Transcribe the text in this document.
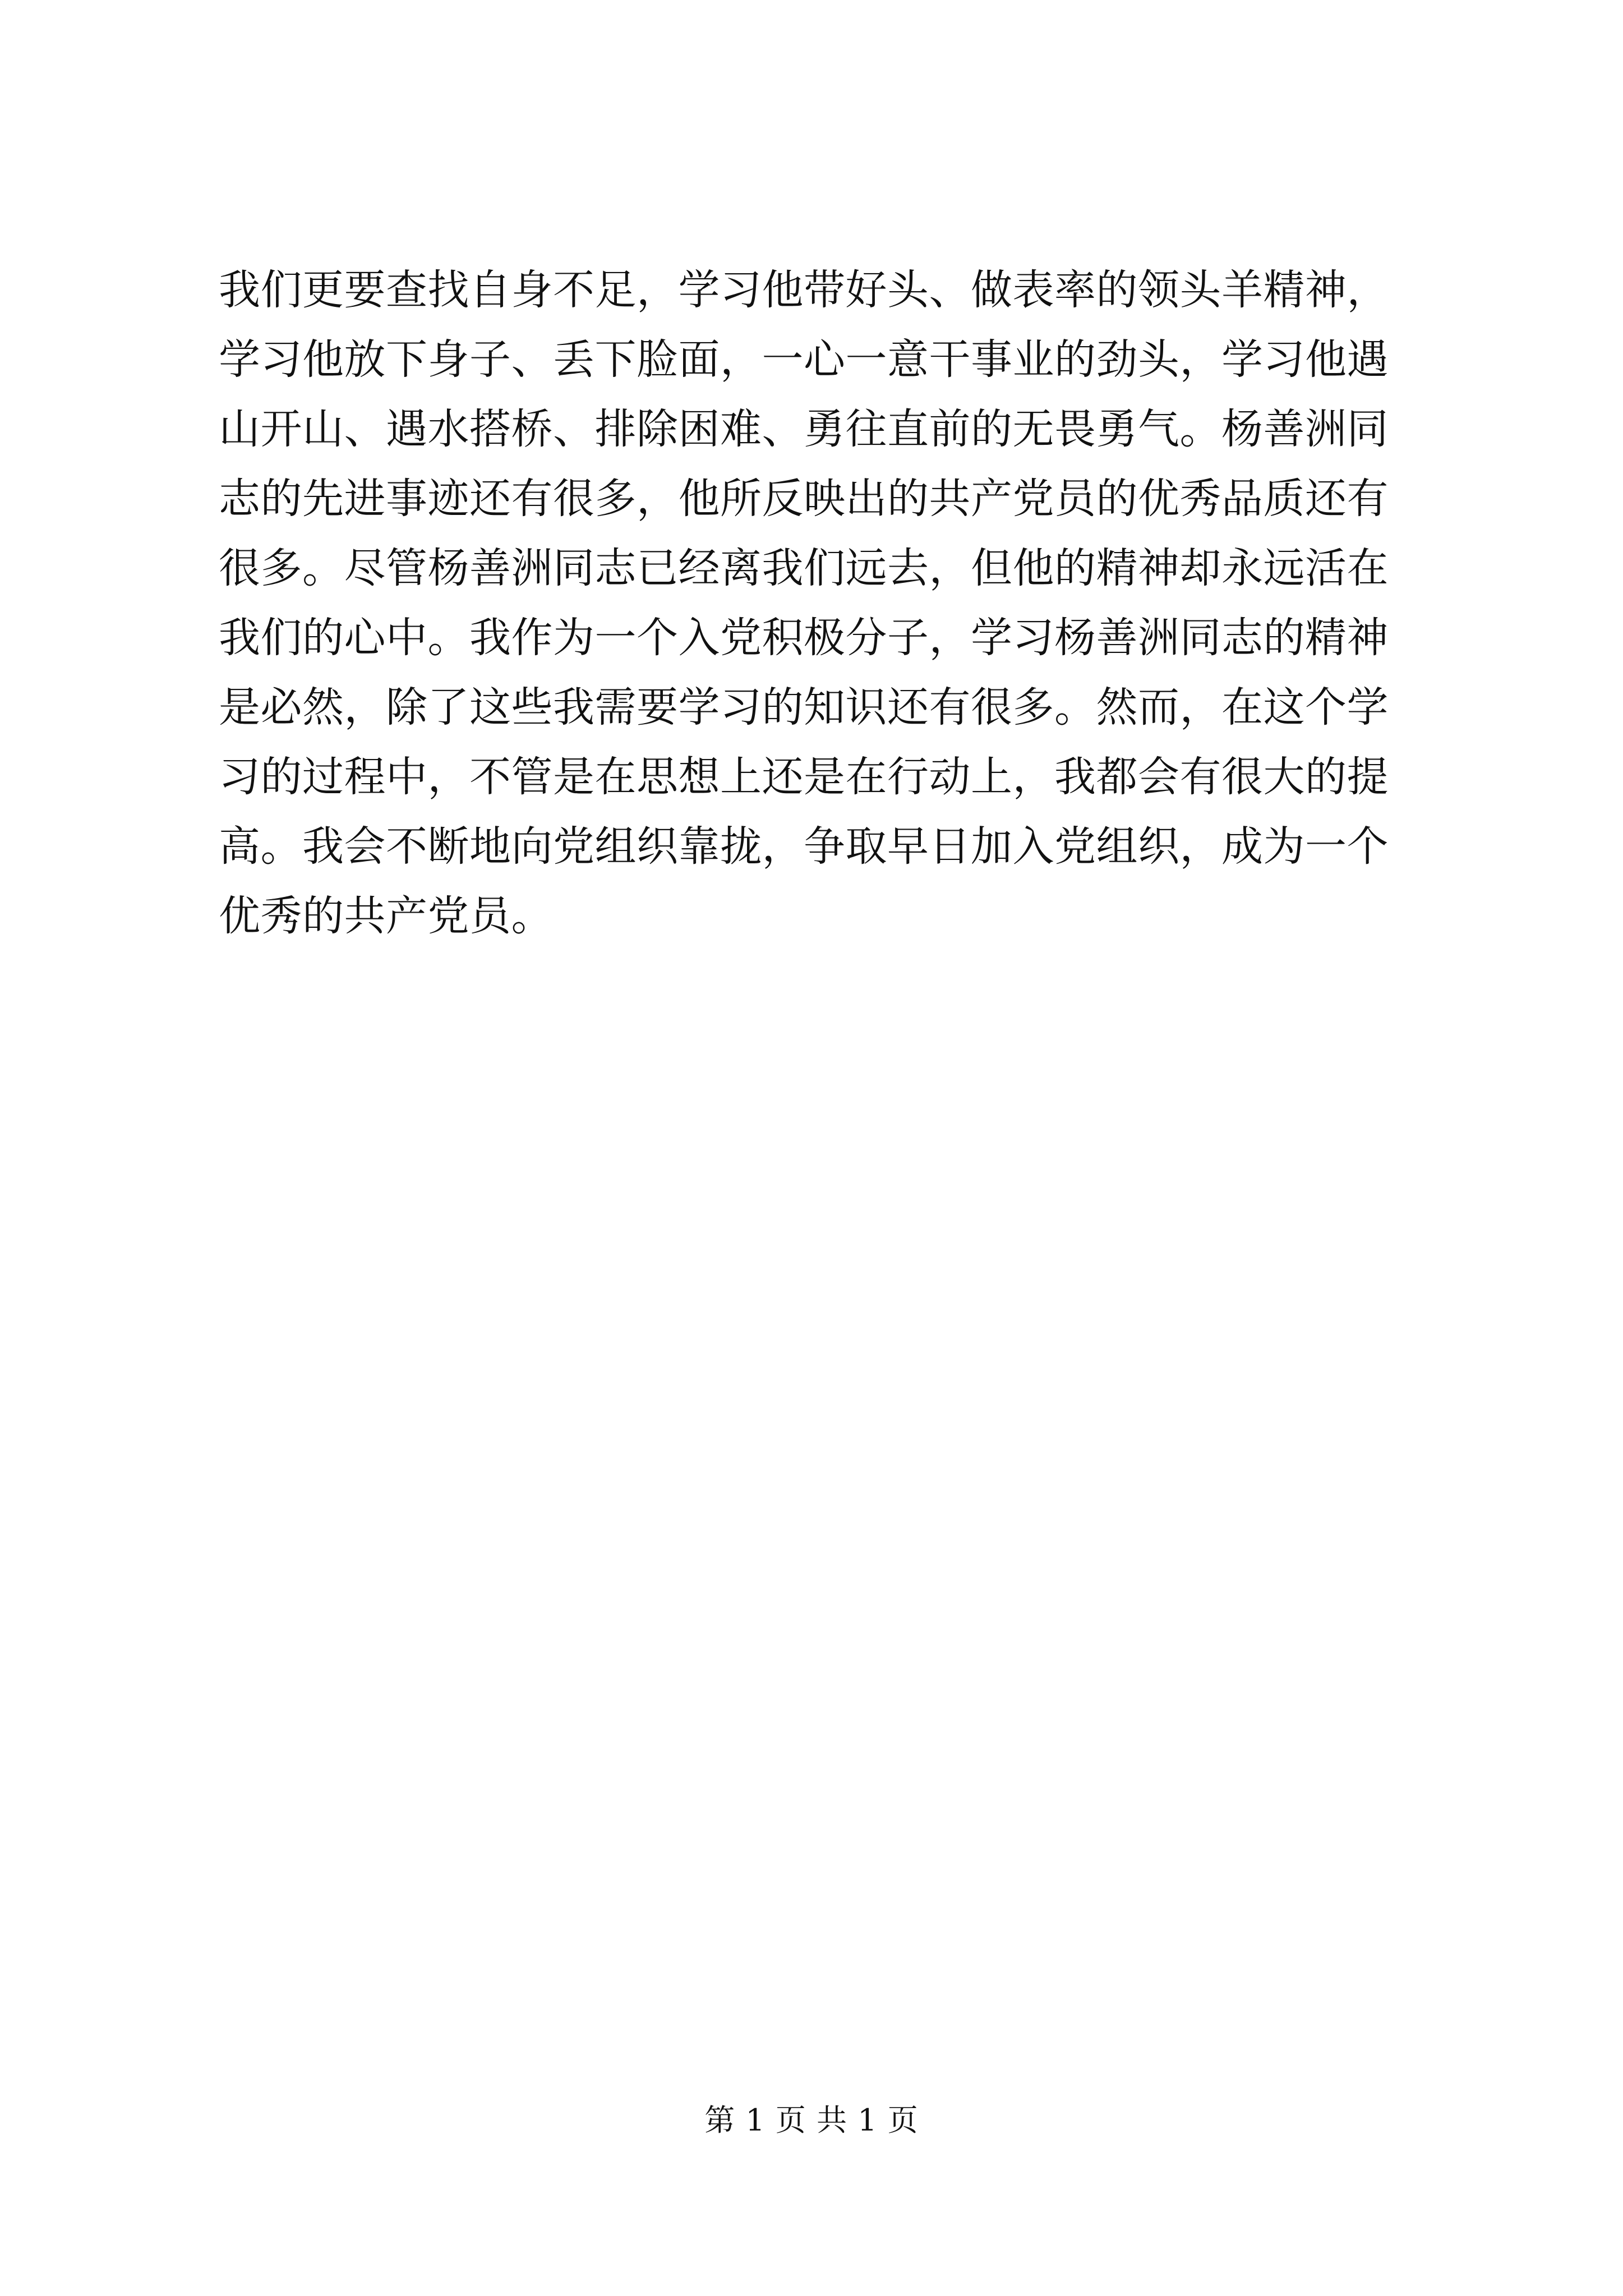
我们更要查找自身不足，学习他带好头、做表率的领头羊精神，
学习他放下身子、丢下脸面，一心一意干事业的劲头，学习他遇
山开山、遇水搭桥、排除困难、勇往直前的无畏勇气。杨善洲同
志的先进事迹还有很多，他所反映出的共产党员的优秀品质还有
很多。尽管杨善洲同志已经离我们远去，但他的精神却永远活在
我们的心中。我作为一个入党积极分子，学习杨善洲同志的精神
是必然，除了这些我需要学习的知识还有很多。然而，在这个学
习的过程中，不管是在思想上还是在行动上，我都会有很大的提
高。我会不断地向党组织靠拢，争取早日加入党组织，成为一个
优秀的共产党员。
第 1 页 共 1 页
